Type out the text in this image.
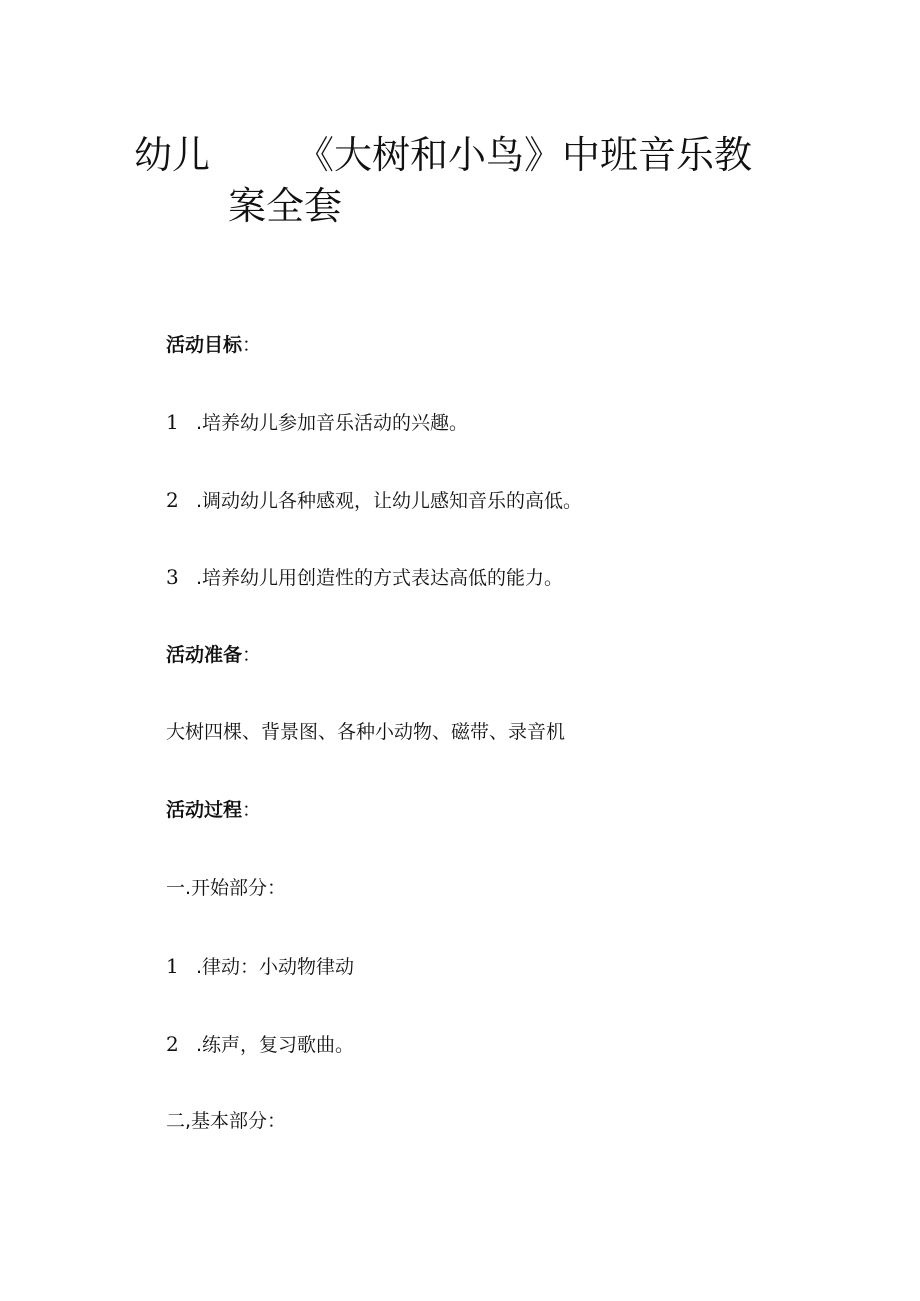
幼儿 《大树和小鸟》中班音乐教
案全套

活动目标：

1 .培养幼儿参加音乐活动的兴趣。

2 .调动幼儿各种感观，让幼儿感知音乐的高低。

3 .培养幼儿用创造性的方式表达高低的能力。

活动准备：

大树四棵、背景图、各种小动物、磁带、录音机

活动过程：

一.开始部分：

1 .律动：小动物律动

2 .练声，复习歌曲。

二,基本部分：
